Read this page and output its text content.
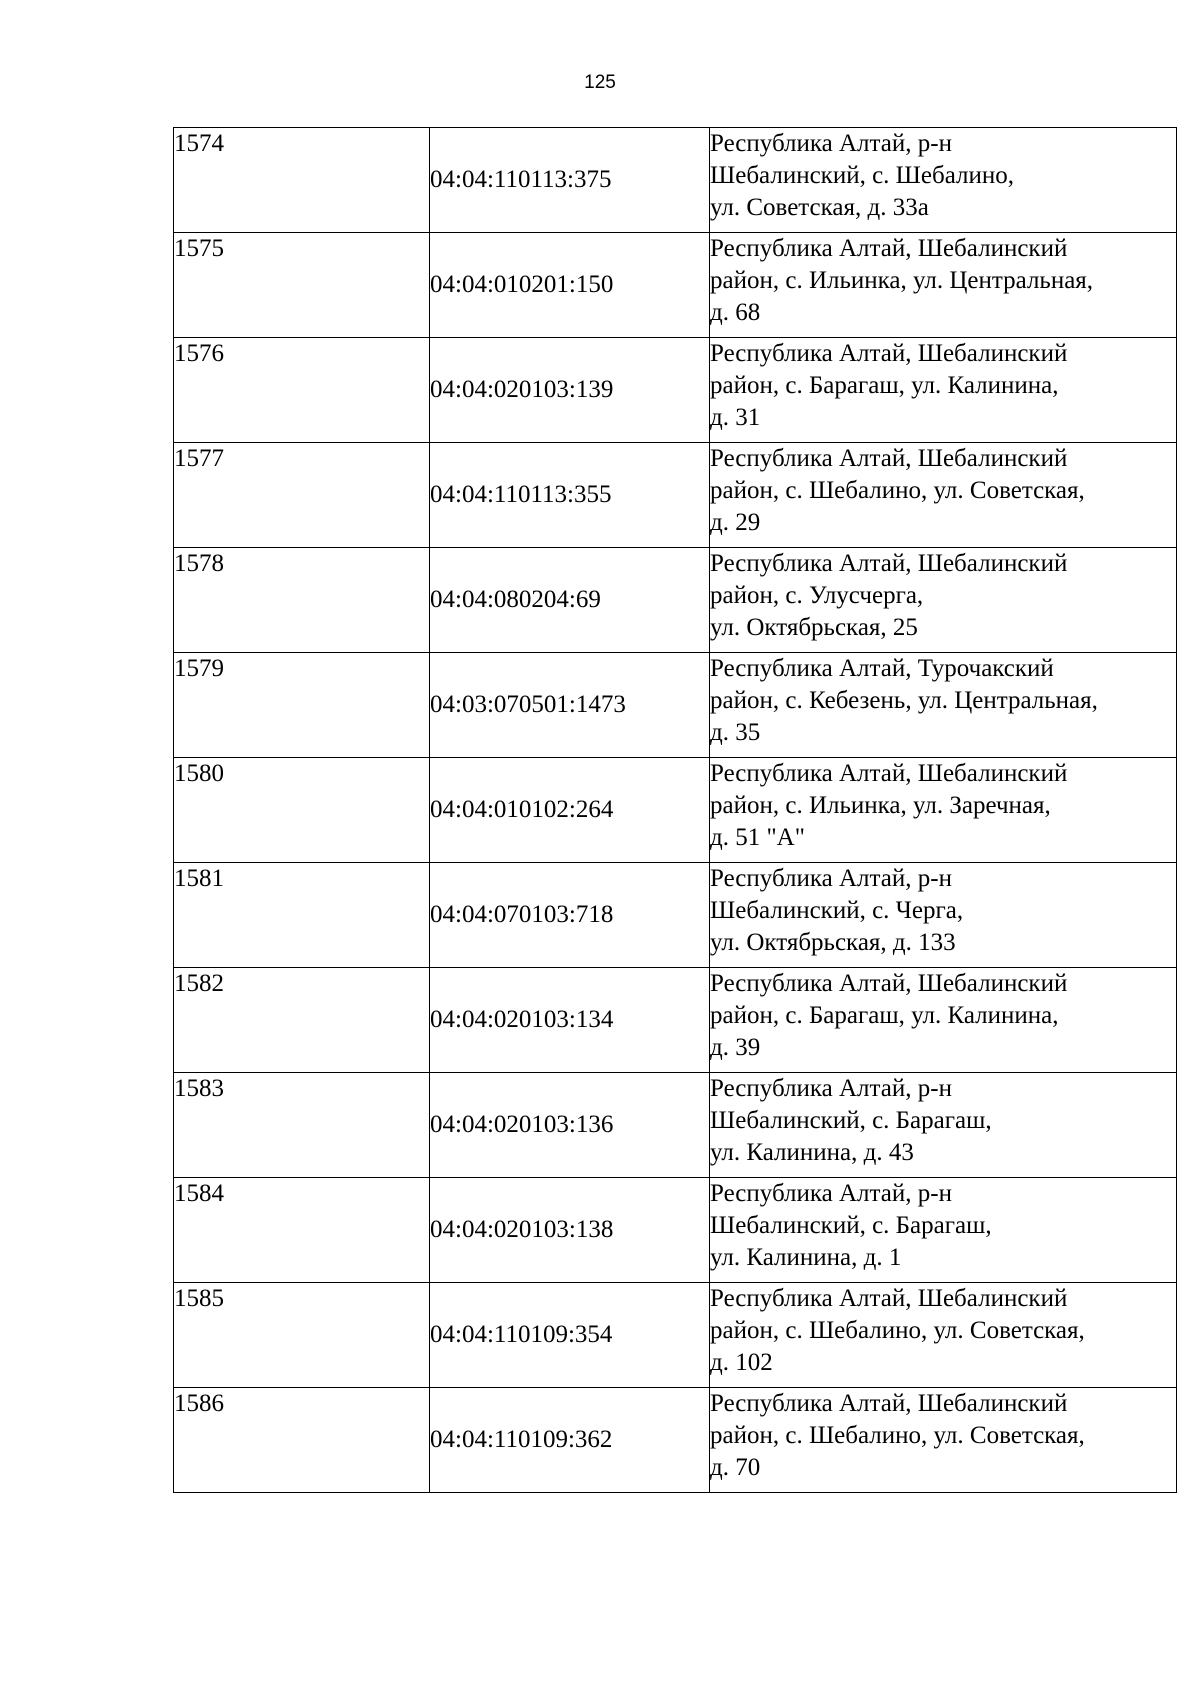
125
1574	04:04:110113:375	Республика Алтай, р-н
Шебалинский, с. Шебалино,
ул. Советская, д. 33а

1575	04:04:010201:150	Республика Алтай, Шебалинский
район, с. Ильинка, ул. Центральная,
д. 68

1576	04:04:020103:139	Республика Алтай, Шебалинский
район, с. Барагаш, ул. Калинина,
д. 31

1577	04:04:110113:355	Республика Алтай, Шебалинский
район, с. Шебалино, ул. Советская,
д. 29

1578	04:04:080204:69	Республика Алтай, Шебалинский
район, с. Улусчерга,
ул. Октябрьская, 25

1579	04:03:070501:1473	Республика Алтай, Турочакский
район, с. Кебезень, ул. Центральная,
д. 35

1580	04:04:010102:264	Республика Алтай, Шебалинский
район, с. Ильинка, ул. Заречная,
д. 51 "А"

1581	04:04:070103:718	Республика Алтай, р-н
Шебалинский, с. Черга,
ул. Октябрьская, д. 133

1582	04:04:020103:134	Республика Алтай, Шебалинский
район, с. Барагаш, ул. Калинина,
д. 39

1583	04:04:020103:136	Республика Алтай, р-н
Шебалинский, с. Барагаш,
ул. Калинина, д. 43

1584	04:04:020103:138	Республика Алтай, р-н
Шебалинский, с. Барагаш,
ул. Калинина, д. 1

1585	04:04:110109:354	Республика Алтай, Шебалинский
район, с. Шебалино, ул. Советская,
д. 102

1586	04:04:110109:362	Республика Алтай, Шебалинский
район, с. Шебалино, ул. Советская,
д. 70
